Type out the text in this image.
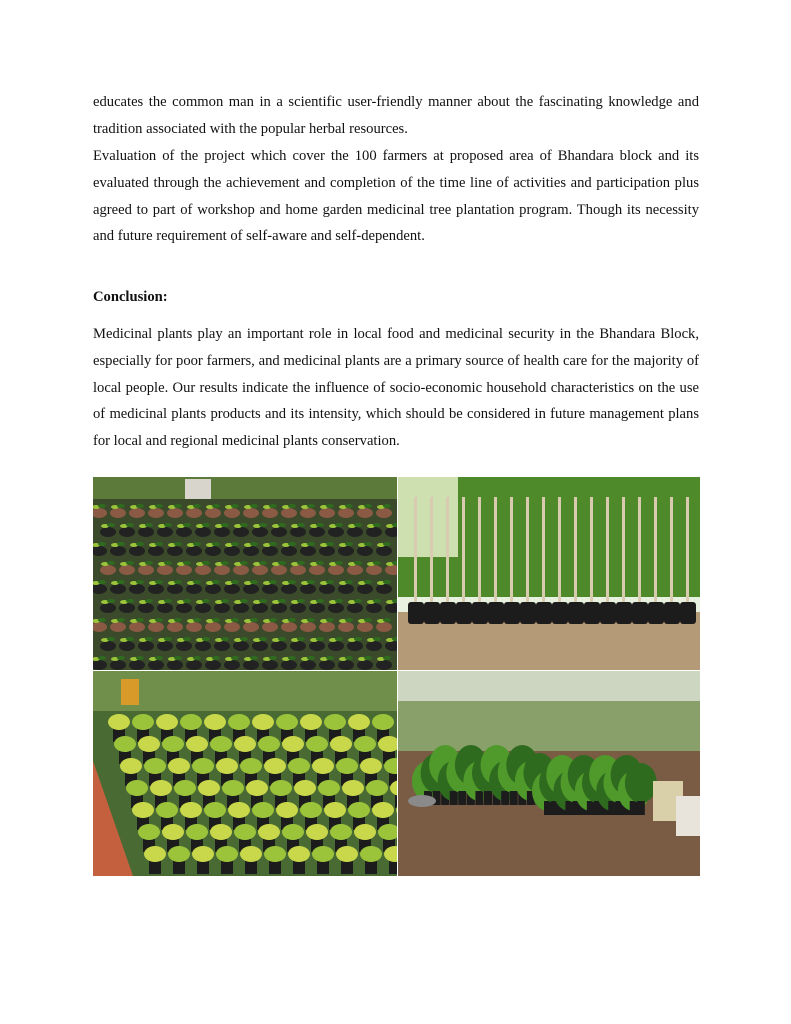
educates the common man in a scientific user-friendly manner about the fascinating knowledge and tradition associated with the popular herbal resources.

Evaluation of the project which cover the 100 farmers at proposed area of Bhandara block and its evaluated through the achievement and completion of the time line of activities and participation plus agreed to part of workshop and home garden medicinal tree plantation program. Though its necessity and future requirement of self-aware and self-dependent.

Conclusion:

Medicinal plants play an important role in local food and medicinal security in the Bhandara Block, especially for poor farmers, and medicinal plants are a primary source of health care for the majority of local people. Our results indicate the influence of socio-economic household characteristics on the use of medicinal plants products and its intensity, which should be considered in future management plans for local and regional medicinal plants conservation.
